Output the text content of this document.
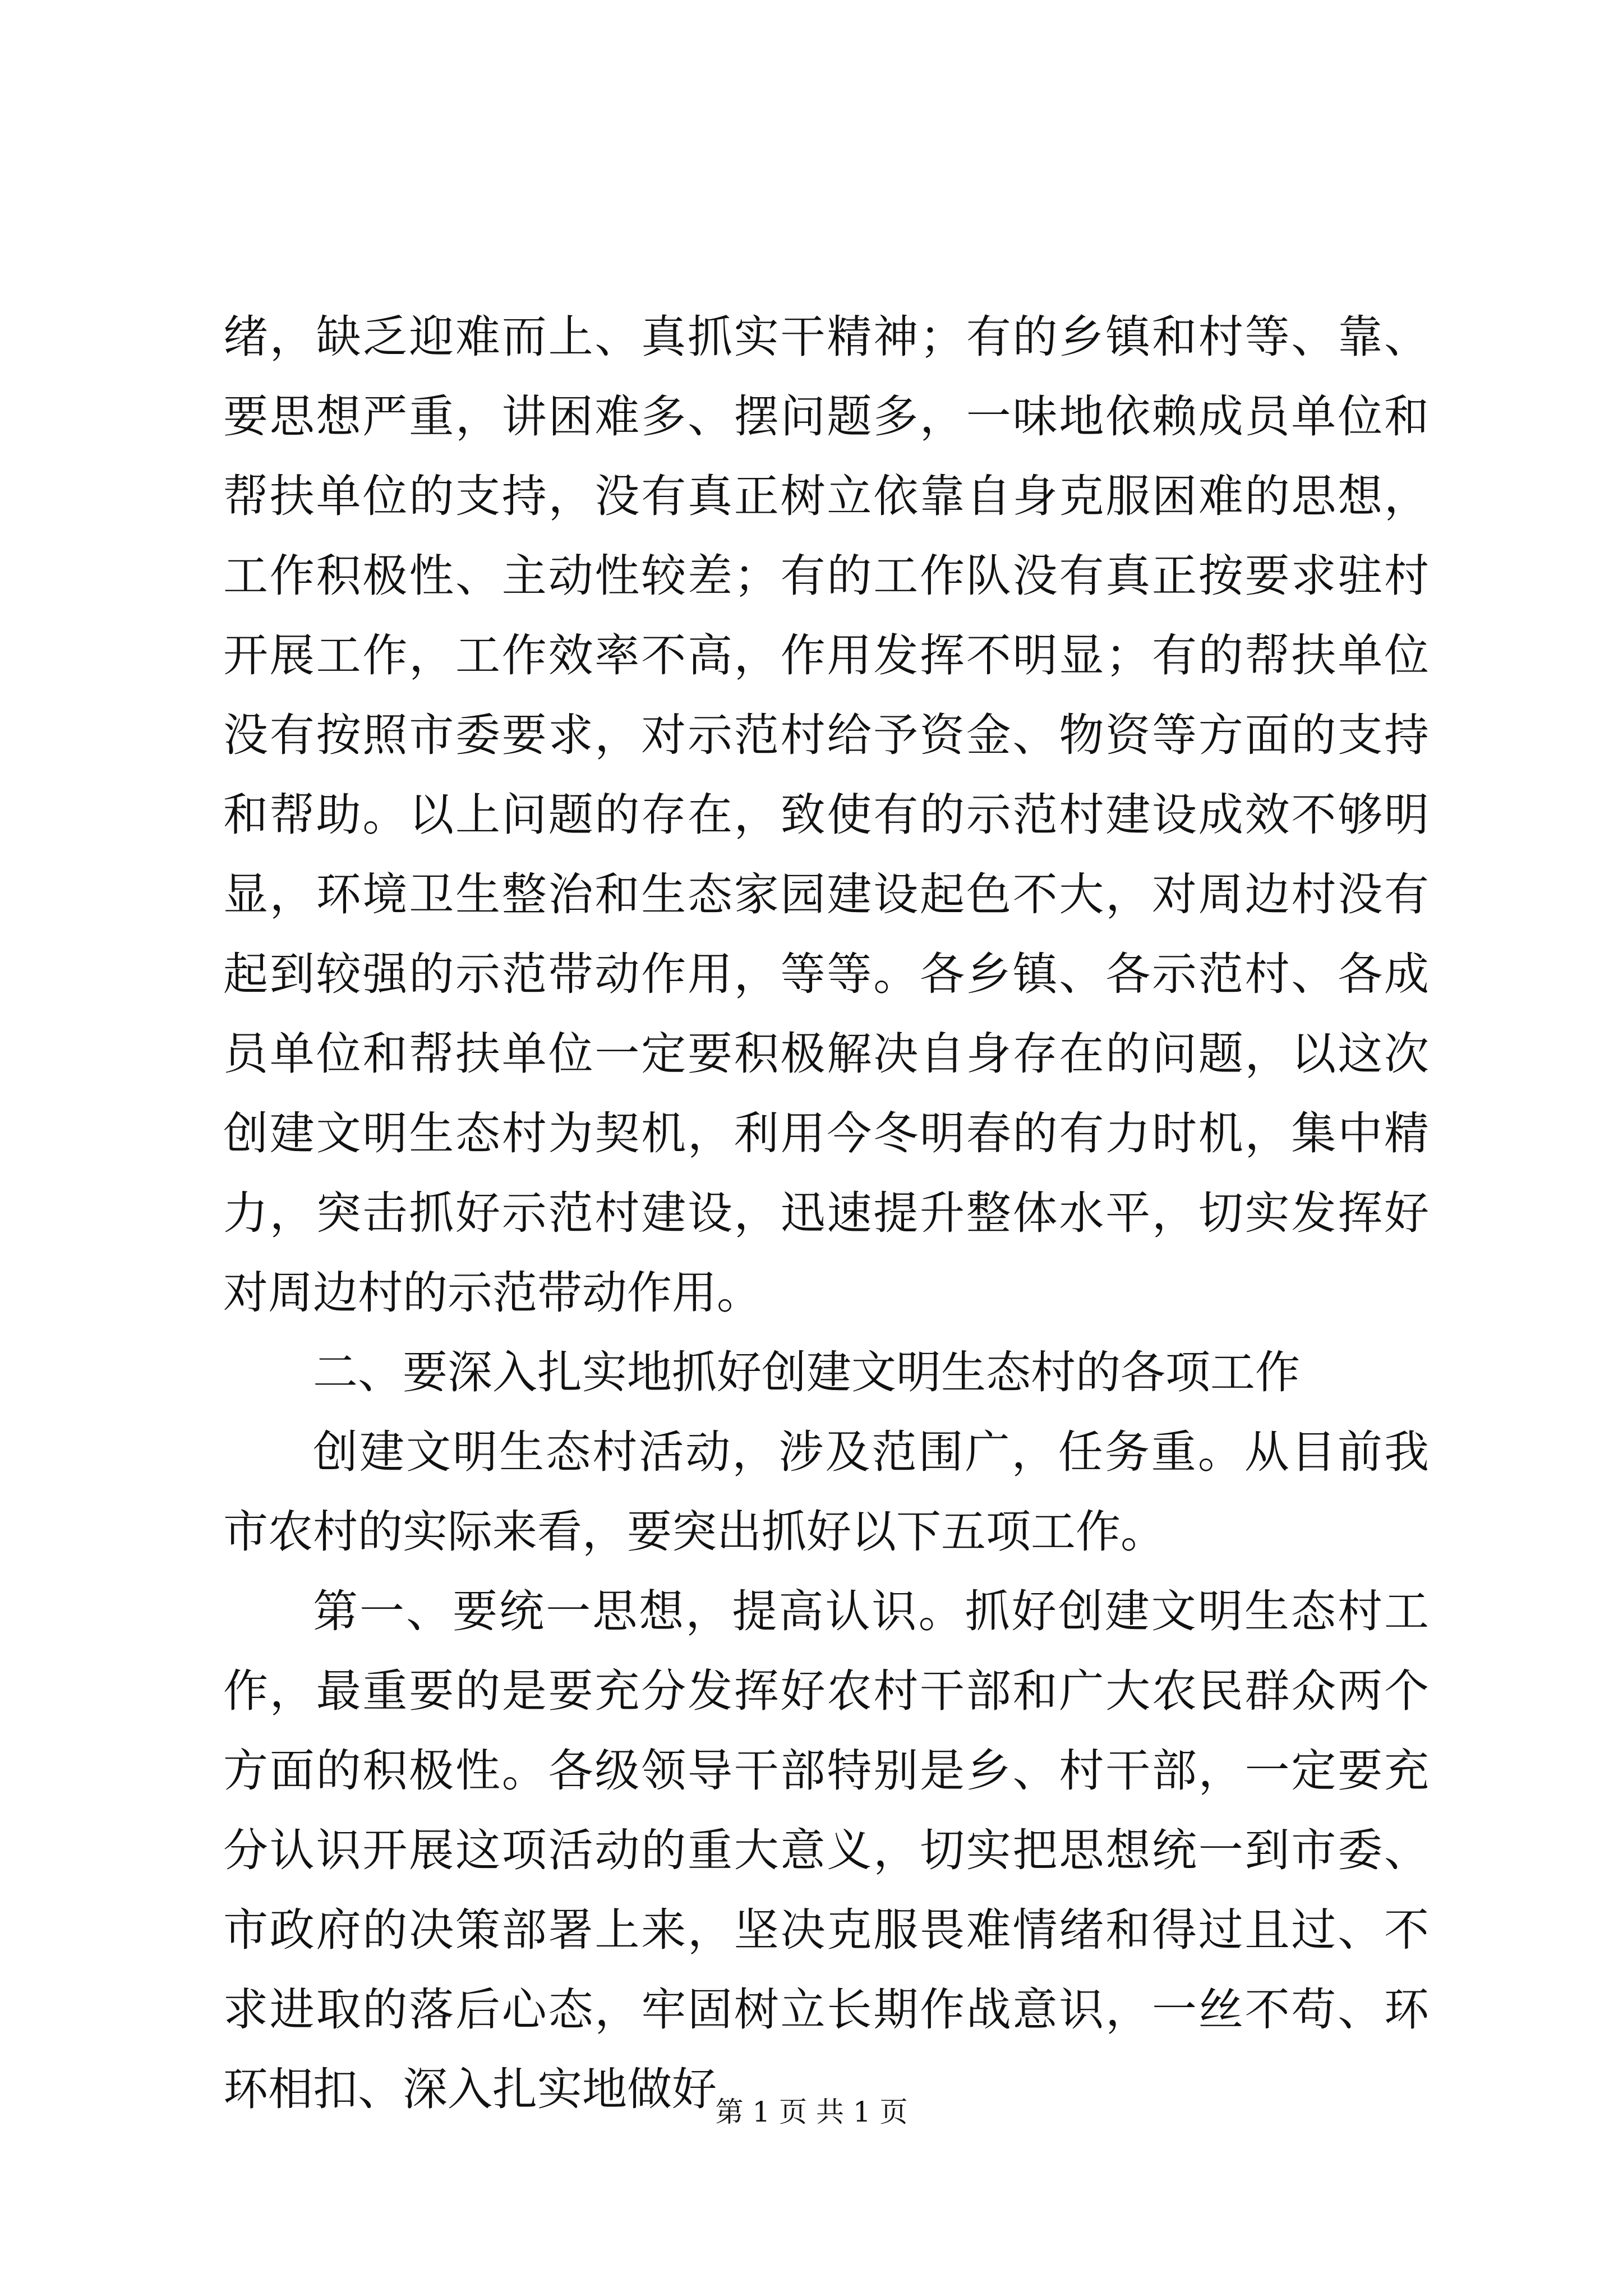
绪，缺乏迎难而上、真抓实干精神；有的乡镇和村等、靠、要思想严重，讲困难多、摆问题多，一味地依赖成员单位和帮扶单位的支持，没有真正树立依靠自身克服困难的思想，工作积极性、主动性较差；有的工作队没有真正按要求驻村开展工作，工作效率不高，作用发挥不明显；有的帮扶单位没有按照市委要求，对示范村给予资金、物资等方面的支持和帮助。以上问题的存在，致使有的示范村建设成效不够明显，环境卫生整治和生态家园建设起色不大，对周边村没有起到较强的示范带动作用，等等。各乡镇、各示范村、各成员单位和帮扶单位一定要积极解决自身存在的问题，以这次创建文明生态村为契机，利用今冬明春的有力时机，集中精力，突击抓好示范村建设，迅速提升整体水平，切实发挥好对周边村的示范带动作用。

二、要深入扎实地抓好创建文明生态村的各项工作

创建文明生态村活动，涉及范围广，任务重。从目前我市农村的实际来看，要突出抓好以下五项工作。

第一、要统一思想，提高认识。抓好创建文明生态村工作，最重要的是要充分发挥好农村干部和广大农民群众两个方面的积极性。各级领导干部特别是乡、村干部，一定要充分认识开展这项活动的重大意义，切实把思想统一到市委、市政府的决策部署上来，坚决克服畏难情绪和得过且过、不求进取的落后心态，牢固树立长期作战意识，一丝不苟、环环相扣、深入扎实地做好

第 1 页 共 1 页
